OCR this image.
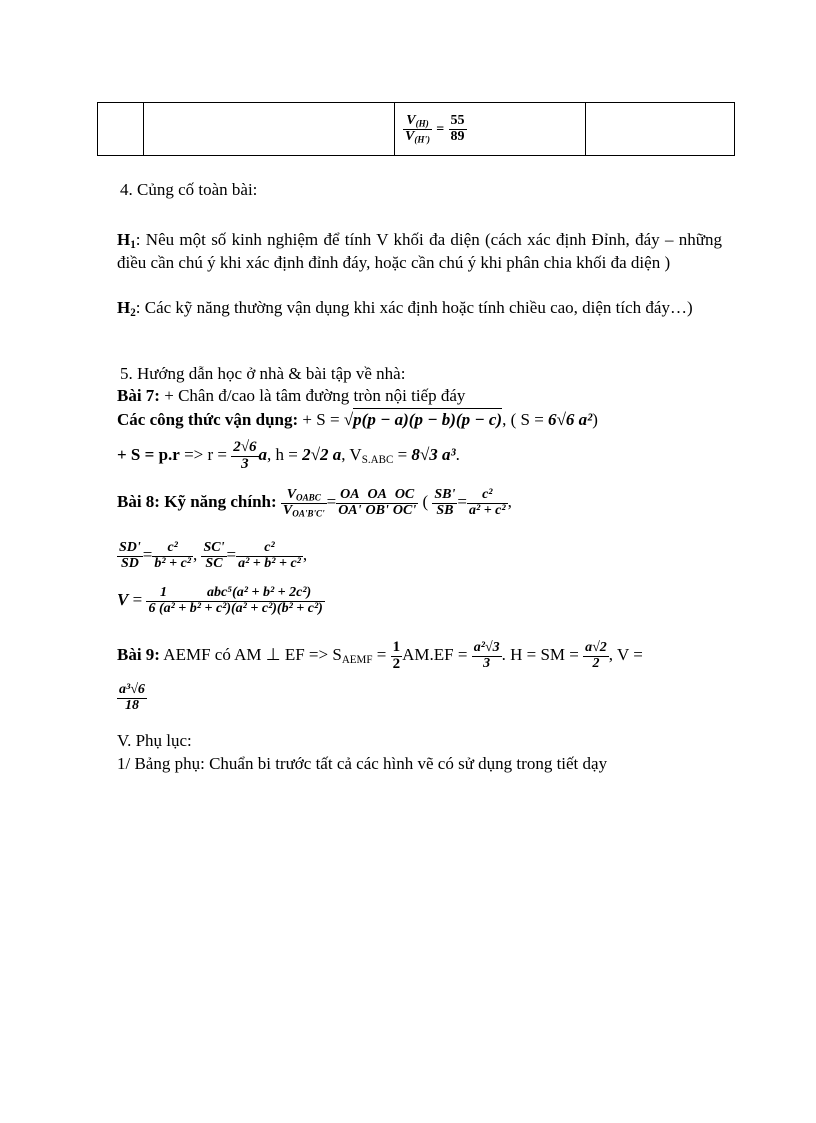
$\frac{V_{(H)}}{V_{(H')}} = \frac{55}{89}$

4. Củng cố toàn bài:
$H_1$: Nêu một số kinh nghiệm để tính V khối đa diện (cách xác định Đỉnh, đáy – những điều cần chú ý khi xác định đỉnh đáy, hoặc cần chú ý khi phân chia khối đa diện )
$H_2$: Các kỹ năng thường vận dụng khi xác định hoặc tính chiều cao, diện tích đáy…)
5. Hướng dẫn học ở nhà & bài tập về nhà:
Bài 7: + Chân đ/cao là tâm đường tròn nội tiếp đáy
Các công thức vận dụng: + S = √p(p − a)(p − b)(p − c), ( S = 6√6 a²)
+ $S = p.r => r = \frac{2√6}{3} a$, h = 2√2 a, $V_{S.ABC} = 8√3$ a³.
Bài 8: Kỹ năng chính: $\frac{V_{OABC}}{V_{OA'B'C'}} = \frac{OA}{OA'} \frac{OA}{OB'} \frac{OC}{OC'}$ ( $\frac{SB'}{SB} = \frac{\text{c²}}{\text{a² + c²}}$ ,
$\frac{SD'}{SD} = \frac{\text{c²}}{\text{b² + c²}}$ , $\frac{SC'}{SC} = \frac{\text{c²}}{\text{a² + b² + c²}}$ ,
V = 1	abc⁵(a² + b² + 2c²)
6 (a² + b² + c²)(a² + c²)(b² + c²)
Bài 9: AEMF có AM ⊥ EF => $S_{AEMF} = \frac{1}{2} AM.EF = \frac{\text{a²√3}}{3}$ . H = SM = $\frac{a√2}{2}$ , V =
$\frac{\text{a³√6}}{18}$
V. Phụ lục:
1/ Bảng phụ: Chuẩn bi trước tất cả các hình vẽ có sử dụng trong tiết dạy
